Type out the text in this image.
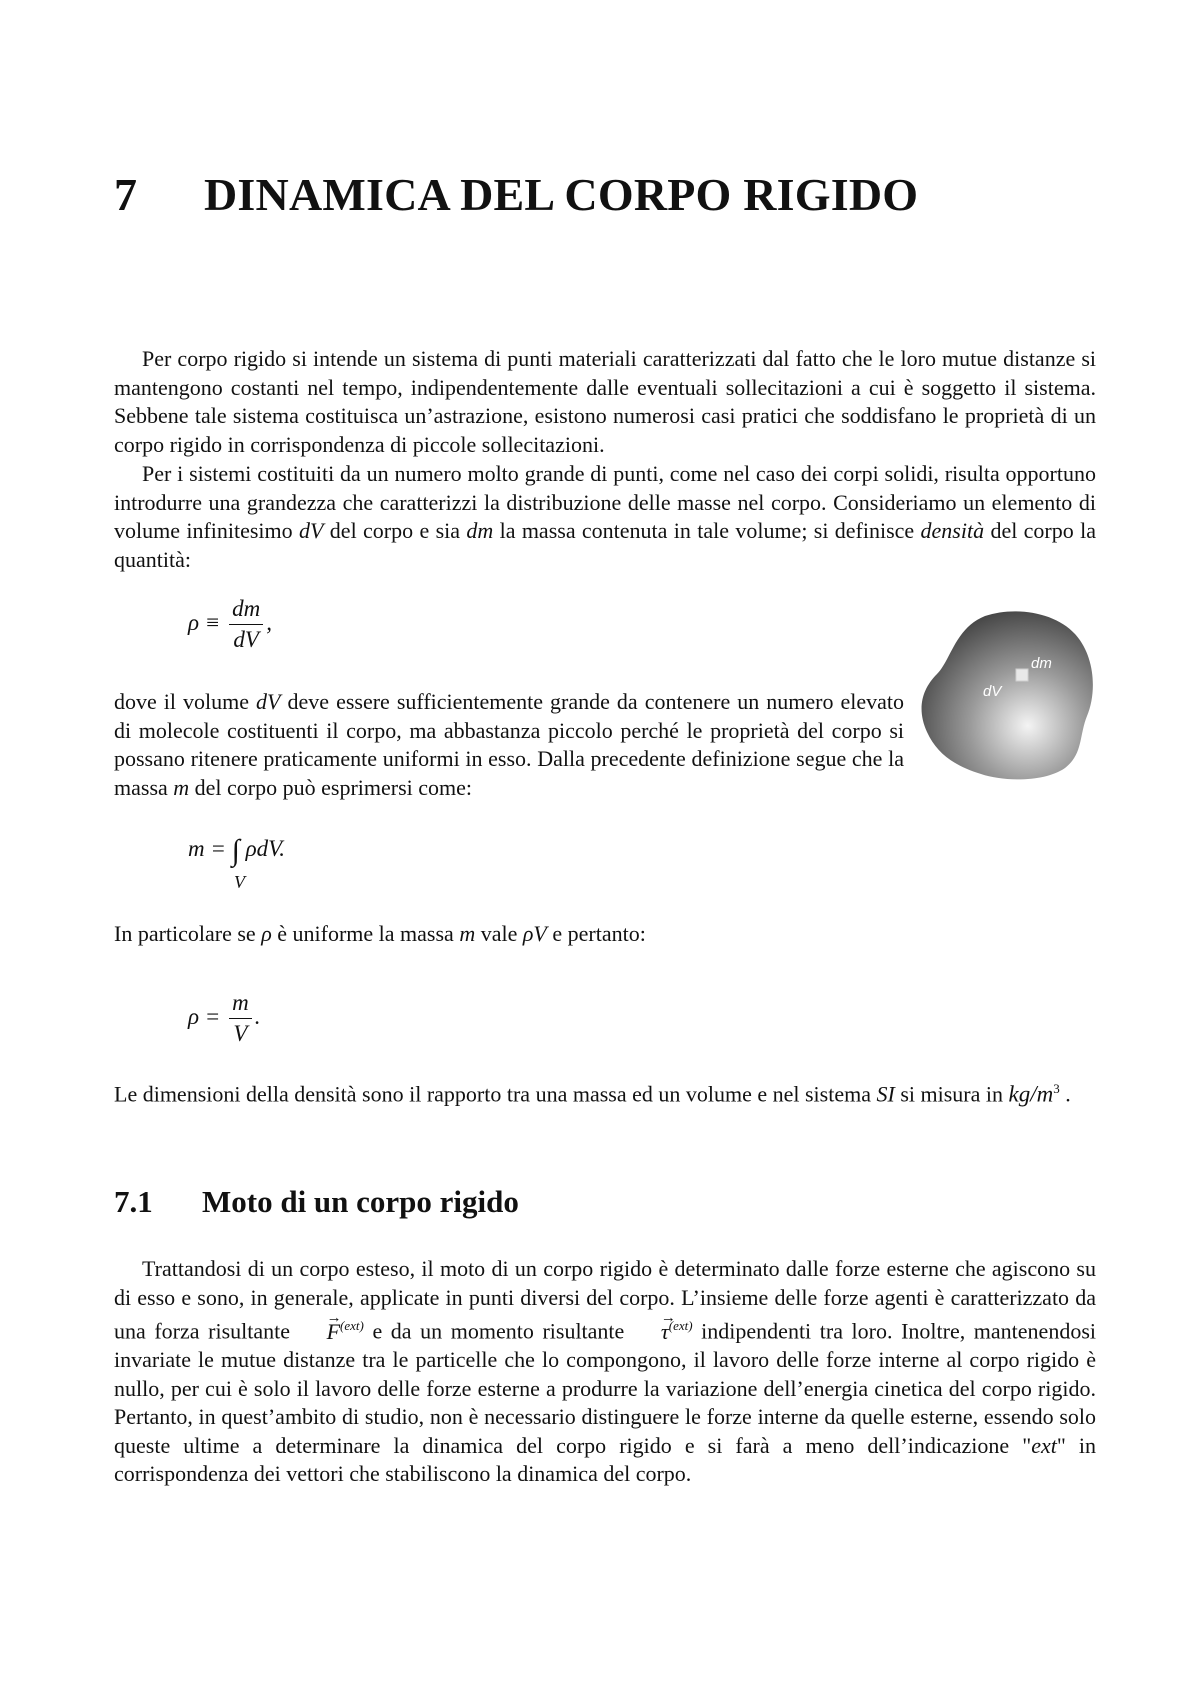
7 DINAMICA DEL CORPO RIGIDO

Per corpo rigido si intende un sistema di punti materiali caratterizzati dal fatto che le loro mutue distanze si mantengono costanti nel tempo, indipendentemente dalle eventuali sollecitazioni a cui è soggetto il sistema. Sebbene tale sistema costituisca un’astrazione, esistono numerosi casi pratici che soddisfano le proprietà di un corpo rigido in corrispondenza di piccole sollecitazioni.

Per i sistemi costituiti da un numero molto grande di punti, come nel caso dei corpi solidi, risulta opportuno introdurre una grandezza che caratterizzi la distribuzione delle masse nel corpo. Consideriamo un elemento di volume infinitesimo dV del corpo e sia dm la massa contenuta in tale volume; si definisce densità del corpo la quantità:

$\rho \equiv \frac{dm}{dV}$ ,

dove il volume dV deve essere sufficientemente grande da contenere un numero elevato di molecole costituenti il corpo, ma abbastanza piccolo perché le proprietà del corpo si possano ritenere praticamente uniformi in esso. Dalla precedente definizione segue che la massa m del corpo può esprimersi come:

dm
dV
m = ∫ ρdV.
V

In particolare se ρ è uniforme la massa m vale ρV e pertanto:

$\rho = \frac{m}{V}$ .

Le dimensioni della densità sono il rapporto tra una massa ed un volume e nel sistema SI si misura in $kg/m^3$ .

7.1 Moto di un corpo rigido

Trattandosi di un corpo esteso, il moto di un corpo rigido è determinato dalle forze esterne che agiscono su di esso e sono, in generale, applicate in punti diversi del corpo. L’insieme delle forze agenti è caratterizzato da una forza risultante → $F^{(ext)}$ e da un momento risultante → $\tau^{(ext)}$ indipendenti tra loro. Inoltre, mantenendosi invariate le mutue distanze tra le particelle che lo compongono, il lavoro delle forze interne al corpo rigido è nullo, per cui è solo il lavoro delle forze esterne a produrre la variazione dell’energia cinetica del corpo rigido. Pertanto, in quest’ambito di studio, non è necessario distinguere le forze interne da quelle esterne, essendo solo queste ultime a determinare la dinamica del corpo rigido e si farà a meno dell’indicazione "ext" in corrispondenza dei vettori che stabiliscono la dinamica del corpo.
